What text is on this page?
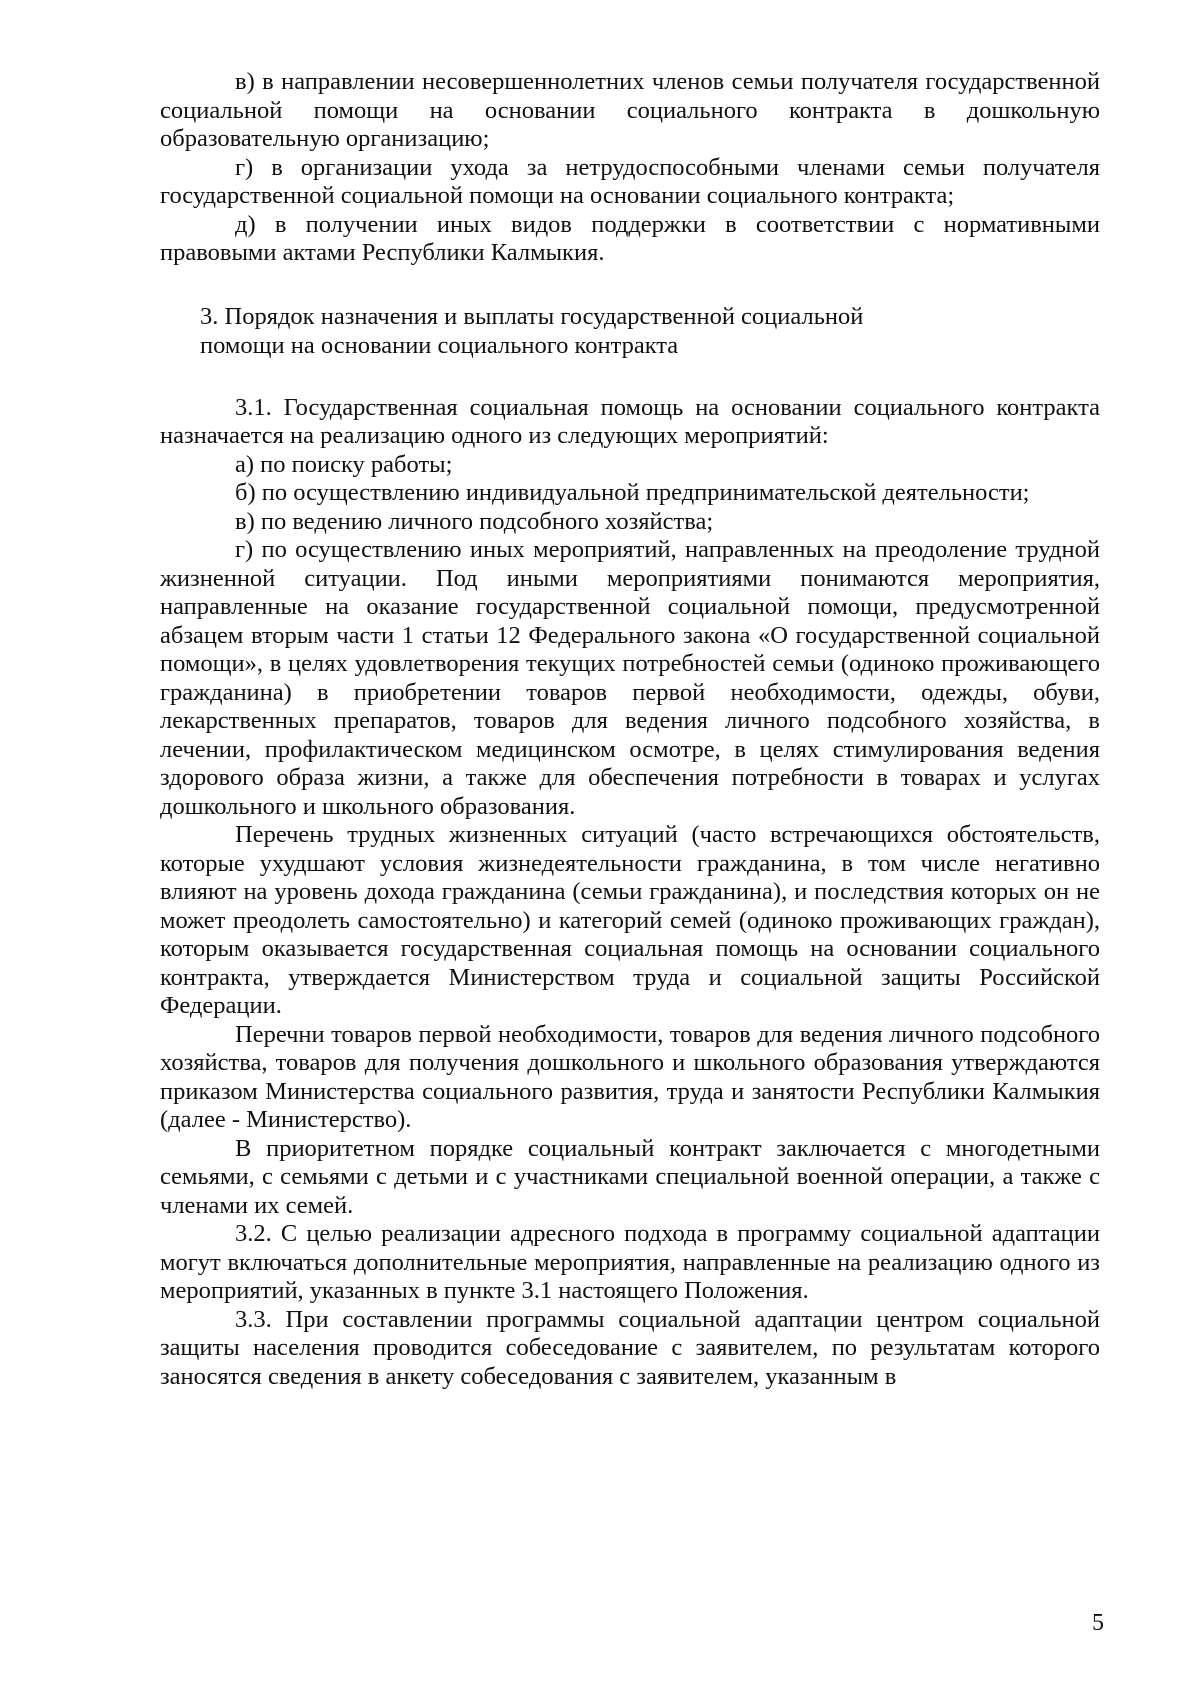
в) в направлении несовершеннолетних членов семьи получателя государственной социальной помощи на основании социального контракта в дошкольную образовательную организацию;

г) в организации ухода за нетрудоспособными членами семьи получателя государственной социальной помощи на основании социального контракта;

д) в получении иных видов поддержки в соответствии с нормативными правовыми актами Республики Калмыкия.

3. Порядок назначения и выплаты государственной социальной
помощи на основании социального контракта

3.1. Государственная социальная помощь на основании социального контракта назначается на реализацию одного из следующих мероприятий:

а) по поиску работы;

б) по осуществлению индивидуальной предпринимательской деятельности;

в) по ведению личного подсобного хозяйства;

г) по осуществлению иных мероприятий, направленных на преодоление трудной жизненной ситуации. Под иными мероприятиями понимаются мероприятия, направленные на оказание государственной социальной помощи, предусмотренной абзацем вторым части 1 статьи 12 Федерального закона «О государственной социальной помощи», в целях удовлетворения текущих потребностей семьи (одиноко проживающего гражданина) в приобретении товаров первой необходимости, одежды, обуви, лекарственных препаратов, товаров для ведения личного подсобного хозяйства, в лечении, профилактическом медицинском осмотре, в целях стимулирования ведения здорового образа жизни, а также для обеспечения потребности в товарах и услугах дошкольного и школьного образования.

Перечень трудных жизненных ситуаций (часто встречающихся обстоятельств, которые ухудшают условия жизнедеятельности гражданина, в том числе негативно влияют на уровень дохода гражданина (семьи гражданина), и последствия которых он не может преодолеть самостоятельно) и категорий семей (одиноко проживающих граждан), которым оказывается государственная социальная помощь на основании социального контракта, утверждается Министерством труда и социальной защиты Российской Федерации.

Перечни товаров первой необходимости, товаров для ведения личного подсобного хозяйства, товаров для получения дошкольного и школьного образования утверждаются приказом Министерства социального развития, труда и занятости Республики Калмыкия (далее - Министерство).

В приоритетном порядке социальный контракт заключается с многодетными семьями, с семьями с детьми и с участниками специальной военной операции, а также с членами их семей.

3.2. С целью реализации адресного подхода в программу социальной адаптации могут включаться дополнительные мероприятия, направленные на реализацию одного из мероприятий, указанных в пункте 3.1 настоящего Положения.

3.3. При составлении программы социальной адаптации центром социальной защиты населения проводится собеседование с заявителем, по результатам которого заносятся сведения в анкету собеседования с заявителем, указанным в

5
